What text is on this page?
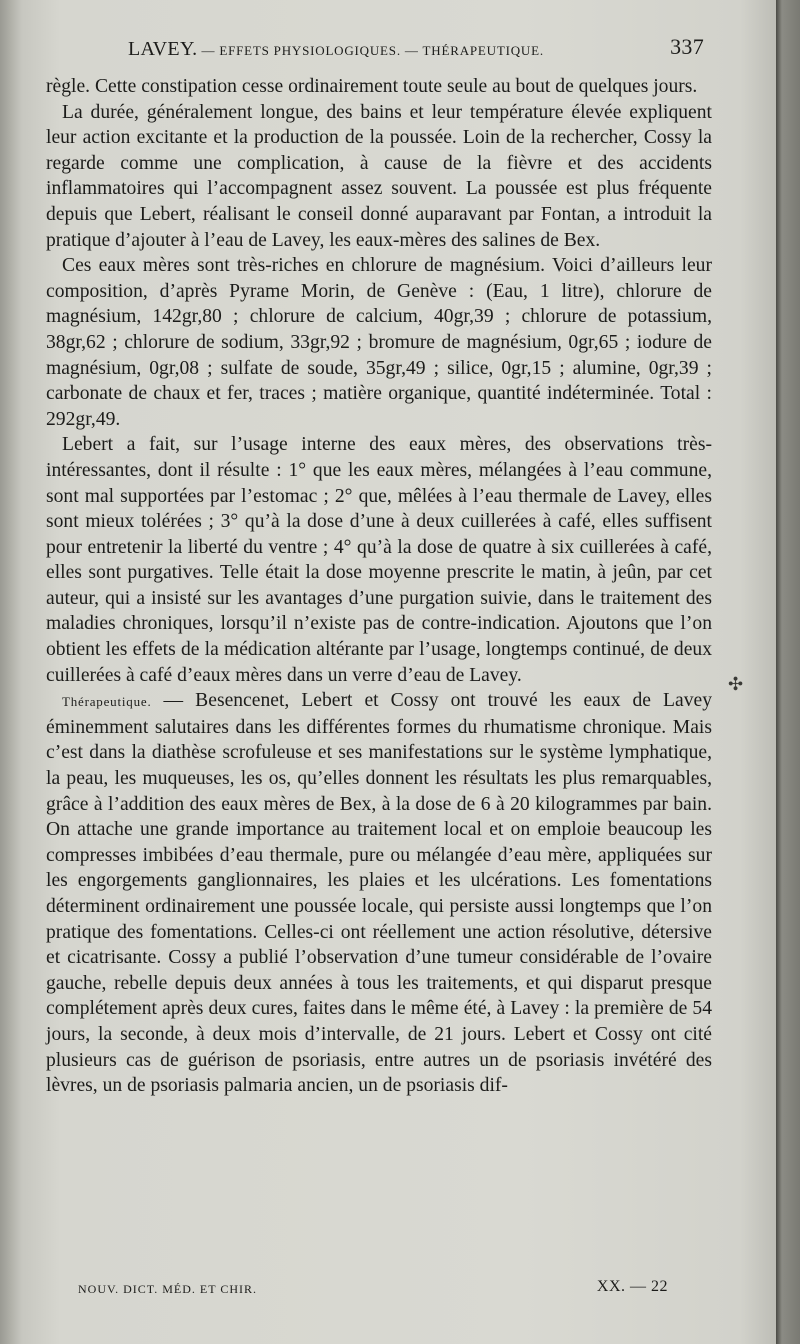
LAVEY. — EFFETS PHYSIOLOGIQUES. — THÉRAPEUTIQUE.	337

règle. Cette constipation cesse ordinairement toute seule au bout de quelques jours.

La durée, généralement longue, des bains et leur température élevée expliquent leur action excitante et la production de la poussée. Loin de la rechercher, Cossy la regarde comme une complication, à cause de la fièvre et des accidents inflammatoires qui l’accompagnent assez souvent. La poussée est plus fréquente depuis que Lebert, réalisant le conseil donné auparavant par Fontan, a introduit la pratique d’ajouter à l’eau de Lavey, les eaux-mères des salines de Bex.

Ces eaux mères sont très-riches en chlorure de magnésium. Voici d’ailleurs leur composition, d’après Pyrame Morin, de Genève : (Eau, 1 litre), chlorure de magnésium, 142gr,80 ; chlorure de calcium, 40gr,39 ; chlorure de potassium, 38gr,62 ; chlorure de sodium, 33gr,92 ; bromure de magnésium, 0gr,65 ; iodure de magnésium, 0gr,08 ; sulfate de soude, 35gr,49 ; silice, 0gr,15 ; alumine, 0gr,39 ; carbonate de chaux et fer, traces ; matière organique, quantité indéterminée. Total : 292gr,49.

Lebert a fait, sur l’usage interne des eaux mères, des observations très-intéressantes, dont il résulte : 1° que les eaux mères, mélangées à l’eau commune, sont mal supportées par l’estomac ; 2° que, mêlées à l’eau thermale de Lavey, elles sont mieux tolérées ; 3° qu’à la dose d’une à deux cuillerées à café, elles suffisent pour entretenir la liberté du ventre ; 4° qu’à la dose de quatre à six cuillerées à café, elles sont purgatives. Telle était la dose moyenne prescrite le matin, à jeûn, par cet auteur, qui a insisté sur les avantages d’une purgation suivie, dans le traitement des maladies chroniques, lorsqu’il n’existe pas de contre-indication. Ajoutons que l’on obtient les effets de la médication altérante par l’usage, longtemps continué, de deux cuillerées à café d’eaux mères dans un verre d’eau de Lavey.

Thérapeutique. — Besencenet, Lebert et Cossy ont trouvé les eaux de Lavey éminemment salutaires dans les différentes formes du rhumatisme chronique. Mais c’est dans la diathèse scrofuleuse et ses manifestations sur le système lymphatique, la peau, les muqueuses, les os, qu’elles donnent les résultats les plus remarquables, grâce à l’addition des eaux mères de Bex, à la dose de 6 à 20 kilogrammes par bain. On attache une grande importance au traitement local et on emploie beaucoup les compresses imbibées d’eau thermale, pure ou mélangée d’eau mère, appliquées sur les engorgements ganglionnaires, les plaies et les ulcérations. Les fomentations déterminent ordinairement une poussée locale, qui persiste aussi longtemps que l’on pratique des fomentations. Celles-ci ont réellement une action résolutive, détersive et cicatrisante. Cossy a publié l’observation d’une tumeur considérable de l’ovaire gauche, rebelle depuis deux années à tous les traitements, et qui disparut presque complétement après deux cures, faites dans le même été, à Lavey : la première de 54 jours, la seconde, à deux mois d’intervalle, de 21 jours. Lebert et Cossy ont cité plusieurs cas de guérison de psoriasis, entre autres un de psoriasis invétéré des lèvres, un de psoriasis palmaria ancien, un de psoriasis dif-

NOUV. DICT. MÉD. ET CHIR.	XX. — 22
✣
